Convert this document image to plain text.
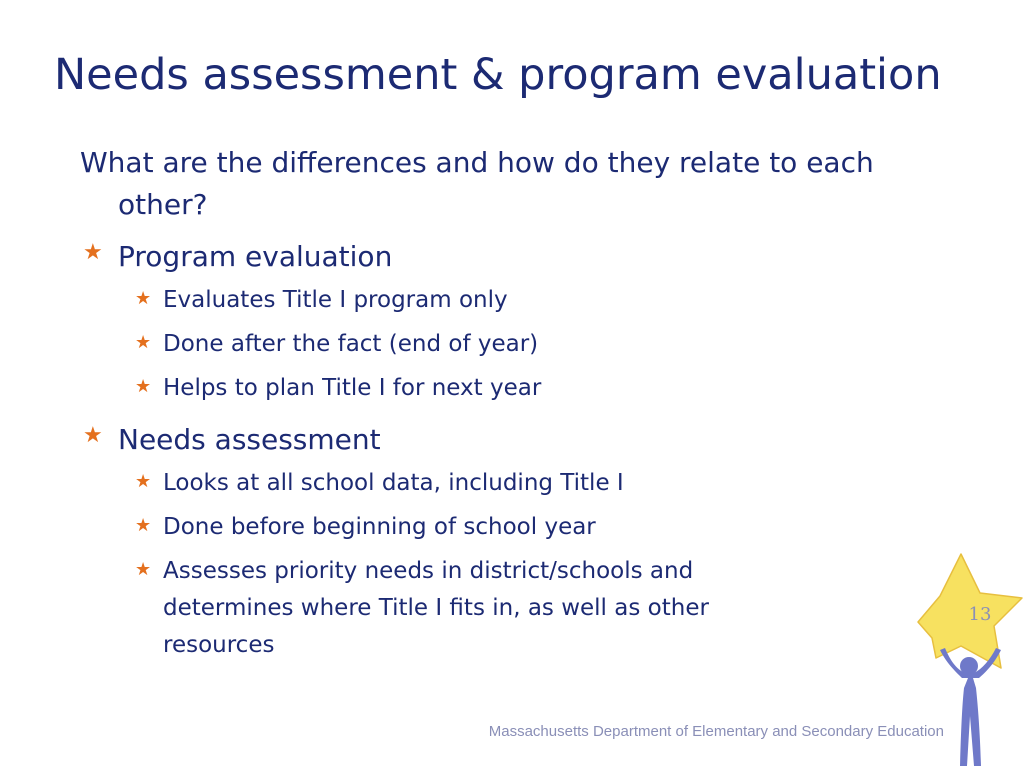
Needs assessment & program evaluation

What are the differences and how do they relate to each other?

★ Program evaluation
★ Evaluates Title I program only
★ Done after the fact (end of year)
★ Helps to plan Title I for next year
★ Needs assessment
★ Looks at all school data, including Title I
★ Done before beginning of school year
★ Assesses priority needs in district/schools and determines where Title I fits in, as well as other resources
Massachusetts Department of Elementary and Secondary Education
13
